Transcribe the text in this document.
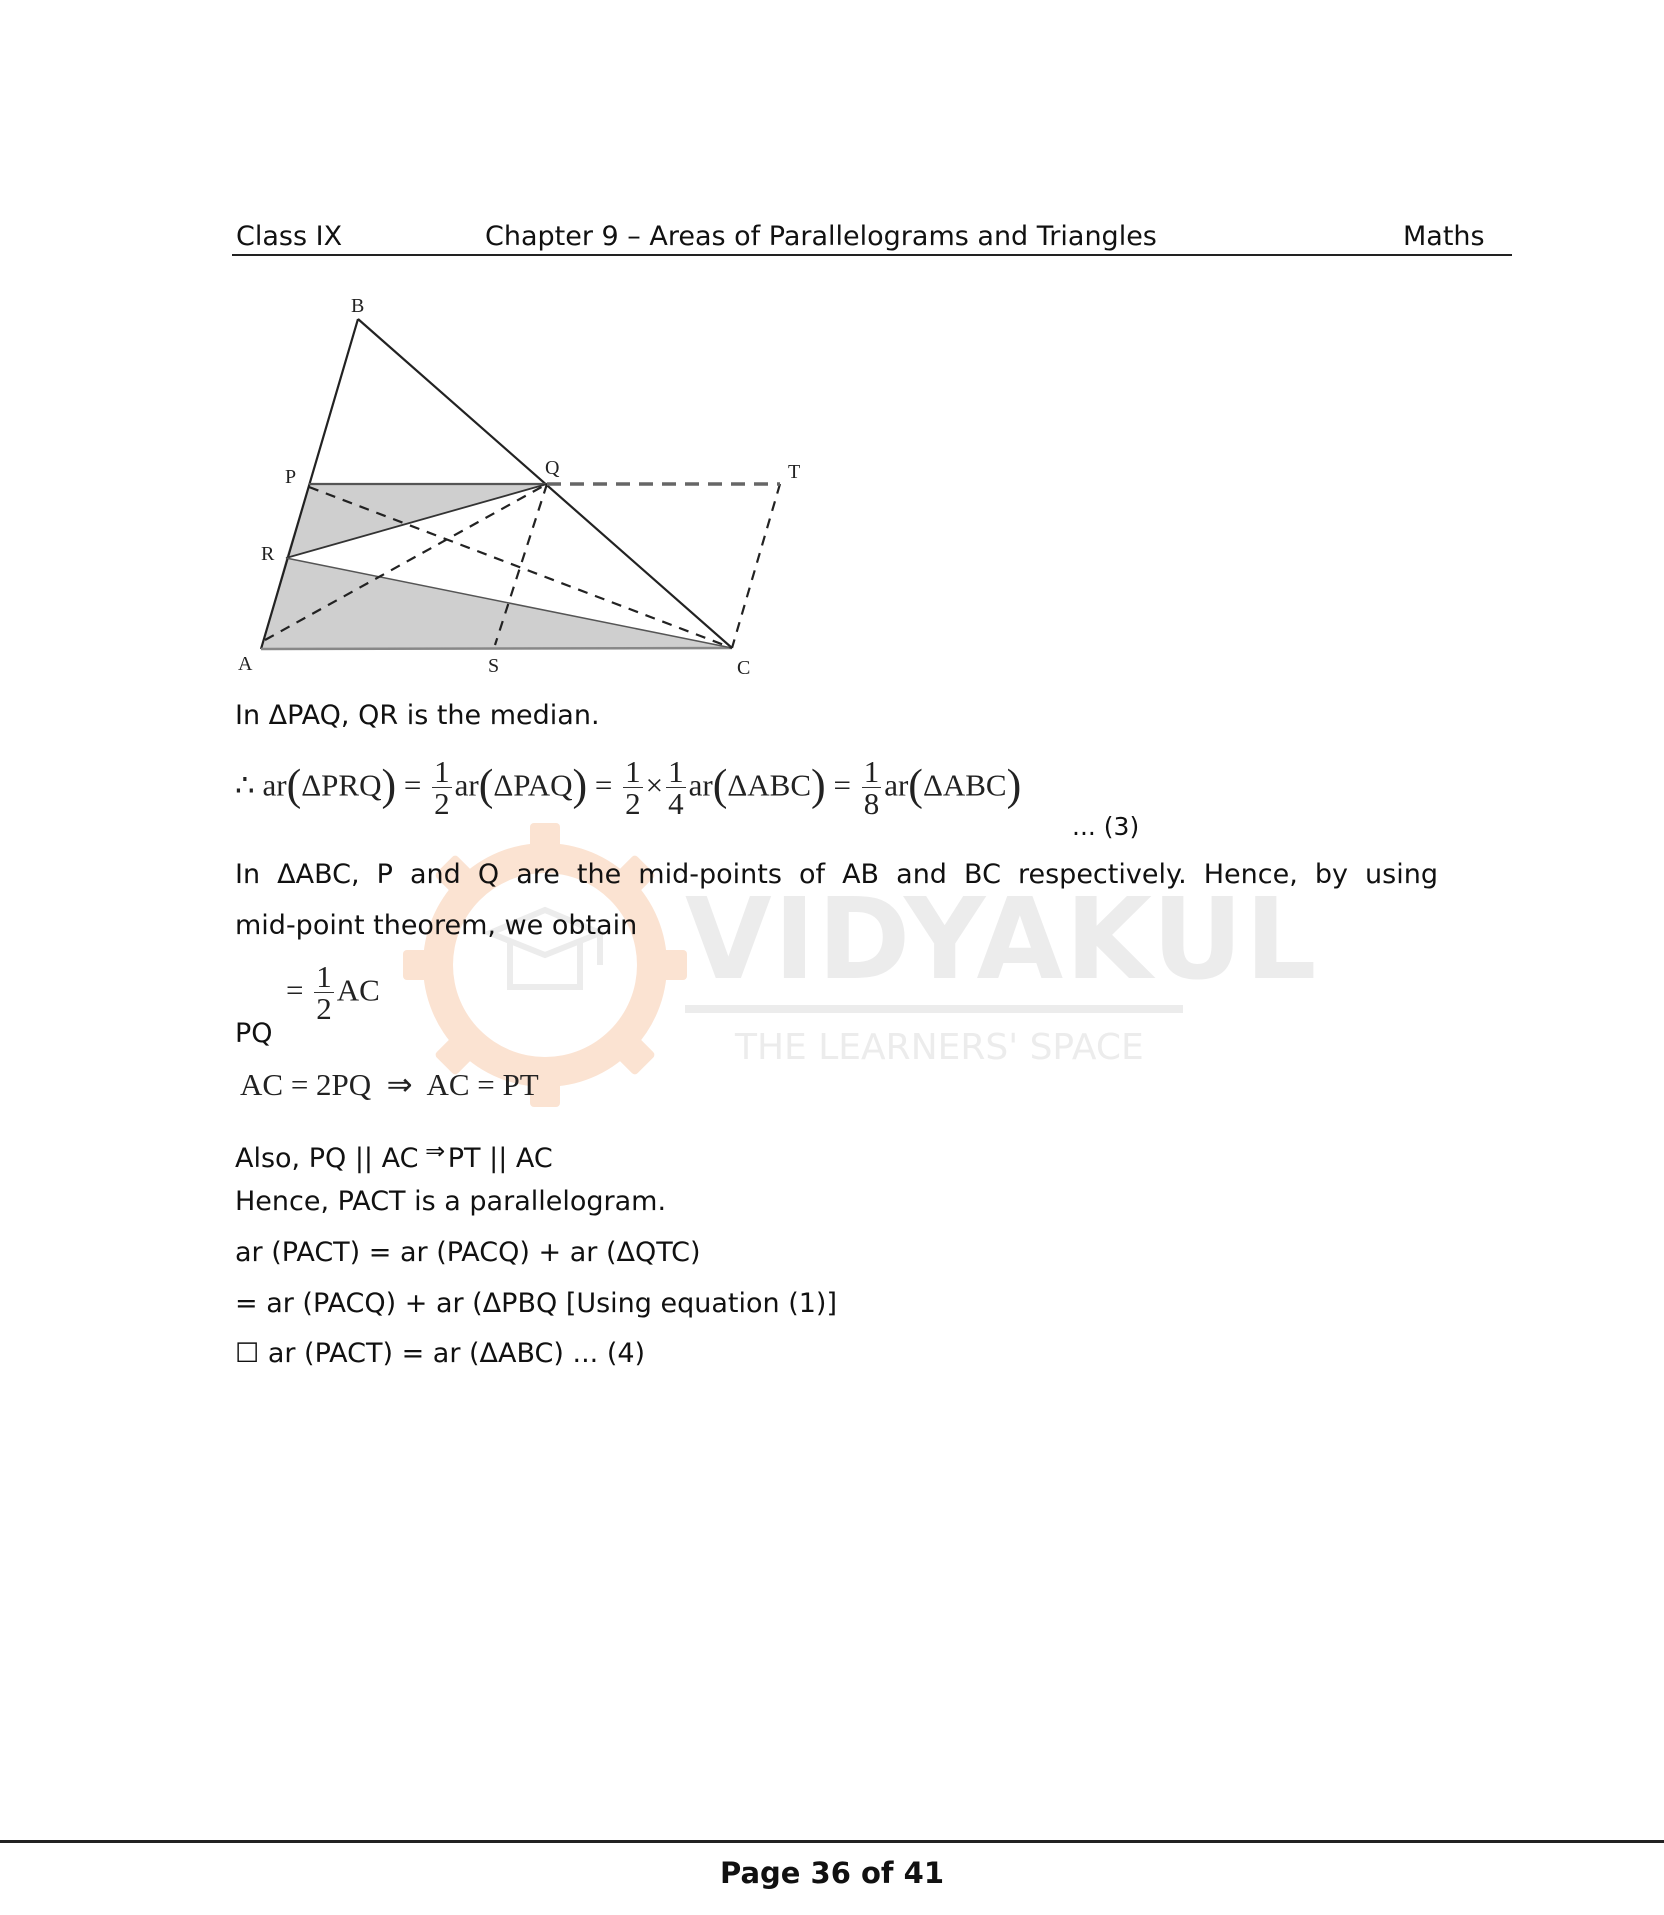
VIDYAKUL
THE LEARNERS' SPACE
Class IX	Chapter 9 – Areas of Parallelograms and Triangles	Maths
B
P	Q	T
R
A	S	C
In ΔPAQ, QR is the median.
∴ $ar(\Delta PRQ) = \frac{1}{2} ar(\Delta PAQ) = \frac{1}{2} \times \frac{1}{4} ar(\Delta ABC) = \frac{1}{8} ar(\Delta ABC)$
... (3)
In ΔABC, P and Q are the mid-points of AB and BC respectively. Hence, by using
mid-point theorem, we obtain
= $\frac{1}{2}$ AC
PQ
AC = 2PQ  ⇒  AC = PT
Also, PQ || AC ⇒ PT || AC
Hence, PACT is a parallelogram.
ar (PACT) = ar (PACQ) + ar (ΔQTC)
= ar (PACQ) + ar (ΔPBQ [Using equation (1)]
☐ ar (PACT) = ar (ΔABC) ... (4)
Page 36 of 41
